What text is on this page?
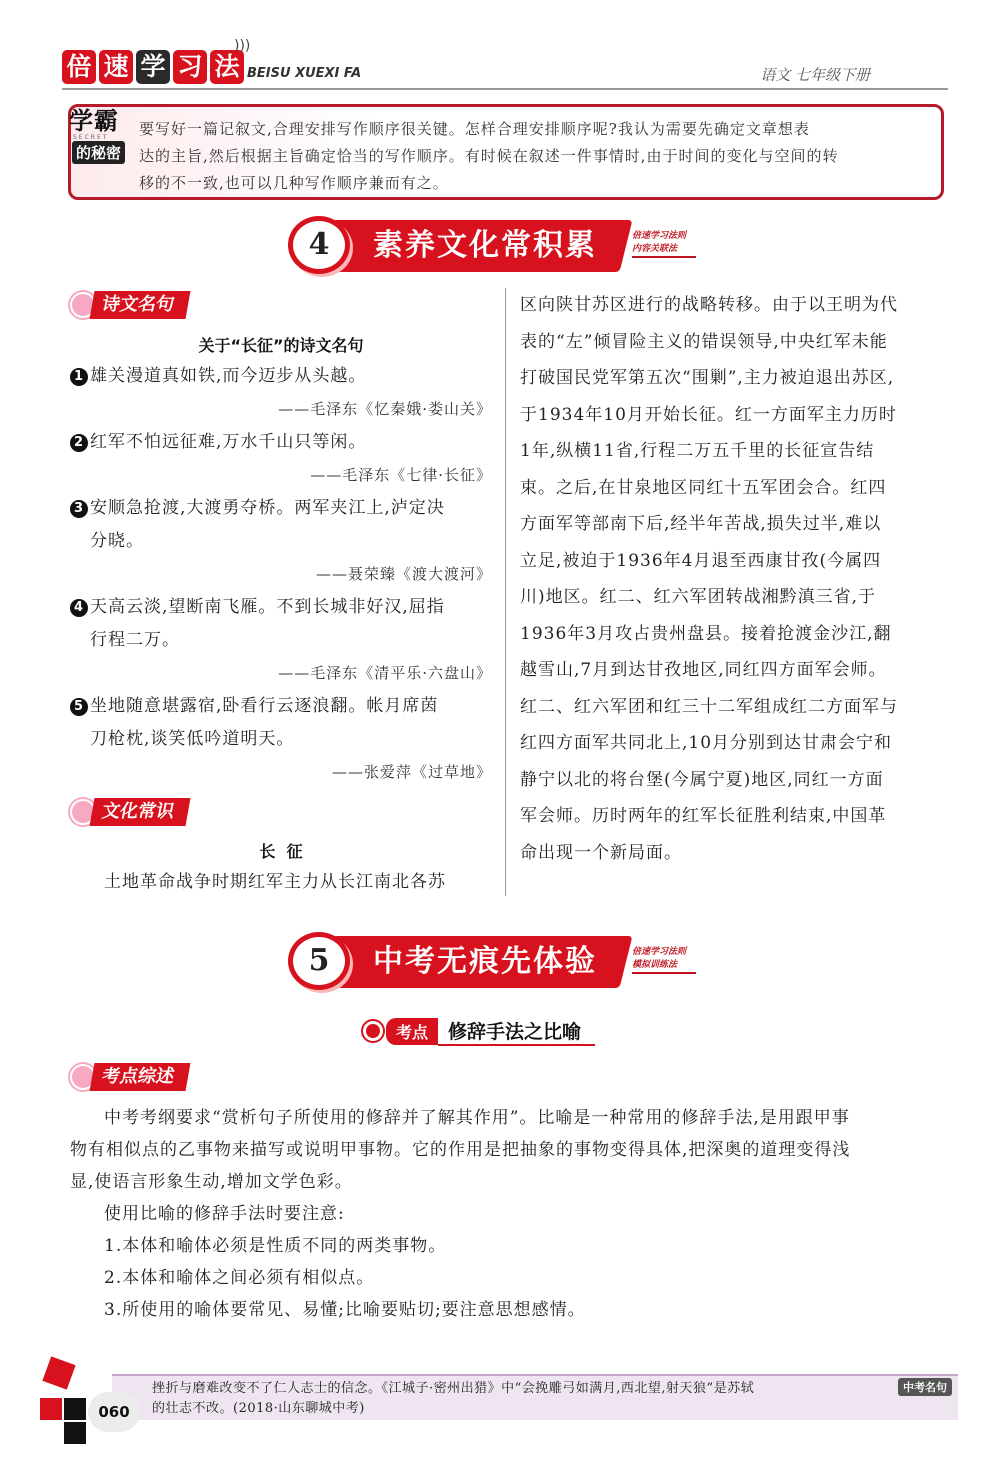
倍 速 学 习 法
)))
BEISU XUEXI FA	语文 七年级下册
学霸
SECRET
的秘密
要写好一篇记叙文,合理安排写作顺序很关键。怎样合理安排顺序呢?我认为需要先确定文章想表
达的主旨,然后根据主旨确定恰当的写作顺序。有时候在叙述一件事情时,由于时间的变化与空间的转
移的不一致,也可以几种写作顺序兼而有之。
4	素养文化常积累	倍速学习法则
内容关联法
诗文名句
关于“长征”的诗文名句
1 雄关漫道真如铁,而今迈步从头越。
——毛泽东《忆秦娥·娄山关》
2 红军不怕远征难,万水千山只等闲。
——毛泽东《七律·长征》
3 安顺急抢渡,大渡勇夺桥。两军夹江上,泸定决
分晓。
——聂荣臻《渡大渡河》
4 天高云淡,望断南飞雁。不到长城非好汉,屈指
行程二万。
——毛泽东《清平乐·六盘山》
5 坐地随意堪露宿,卧看行云逐浪翻。帐月席茵
刀枪枕,谈笑低吟道明天。
——张爱萍《过草地》
文化常识
长  征
土地革命战争时期红军主力从长江南北各苏
区向陕甘苏区进行的战略转移。由于以王明为代
表的“左”倾冒险主义的错误领导,中央红军未能
打破国民党军第五次“围剿”,主力被迫退出苏区,
于1934年10月开始长征。红一方面军主力历时
1年,纵横11省,行程二万五千里的长征宣告结
束。之后,在甘泉地区同红十五军团会合。红四
方面军等部南下后,经半年苦战,损失过半,难以
立足,被迫于1936年4月退至西康甘孜(今属四
川)地区。红二、红六军团转战湘黔滇三省,于
1936年3月攻占贵州盘县。接着抢渡金沙江,翻
越雪山,7月到达甘孜地区,同红四方面军会师。
红二、红六军团和红三十二军组成红二方面军与
红四方面军共同北上,10月分别到达甘肃会宁和
静宁以北的将台堡(今属宁夏)地区,同红一方面
军会师。历时两年的红军长征胜利结束,中国革
命出现一个新局面。
5	中考无痕先体验	倍速学习法则
模拟训练法
考点	修辞手法之比喻
考点综述
中考考纲要求“赏析句子所使用的修辞并了解其作用”。比喻是一种常用的修辞手法,是用跟甲事
物有相似点的乙事物来描写或说明甲事物。它的作用是把抽象的事物变得具体,把深奥的道理变得浅
显,使语言形象生动,增加文学色彩。
使用比喻的修辞手法时要注意:
1.本体和喻体必须是性质不同的两类事物。
2.本体和喻体之间必须有相似点。
3.所使用的喻体要常见、易懂;比喻要贴切;要注意思想感情。
挫折与磨难改变不了仁人志士的信念。《江城子·密州出猎》中“会挽雕弓如满月,西北望,射天狼”是苏轼
的壮志不改。(2018·山东聊城中考)
中考名句
060
